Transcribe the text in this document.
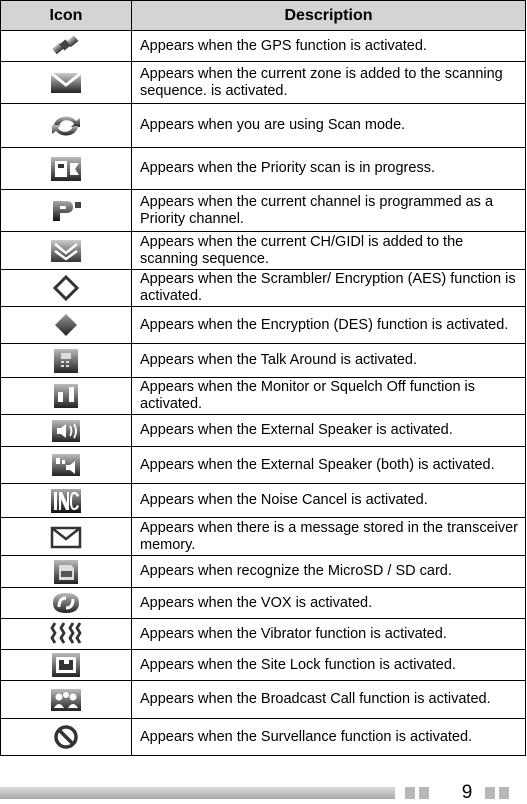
Icon	Description

	Appears when the GPS function is activated.

	Appears when the current zone is added to the scanning sequence. is activated.

	Appears when you are using Scan mode.

	Appears when the Priority scan is in progress.

	Appears when the current channel is programmed as a Priority channel.

	Appears when the current CH/GIDl is added to the scanning sequence.

	Appears when the Scrambler/ Encryption (AES) function is activated.

	Appears when the Encryption (DES) function is activated.

	Appears when the Talk Around is activated.

	Appears when the Monitor or Squelch Off function is activated.

	Appears when the External Speaker is activated.

	Appears when the External Speaker (both) is activated.

	Appears when the Noise Cancel is activated.

	Appears when there is a message stored in the transceiver memory.

	Appears when recognize the MicroSD / SD card.

	Appears when the VOX is activated.

	Appears when the Vibrator function is activated.

	Appears when the Site Lock function is activated.

	Appears when the Broadcast Call function is activated.

	Appears when the Survellance function is activated.
9
